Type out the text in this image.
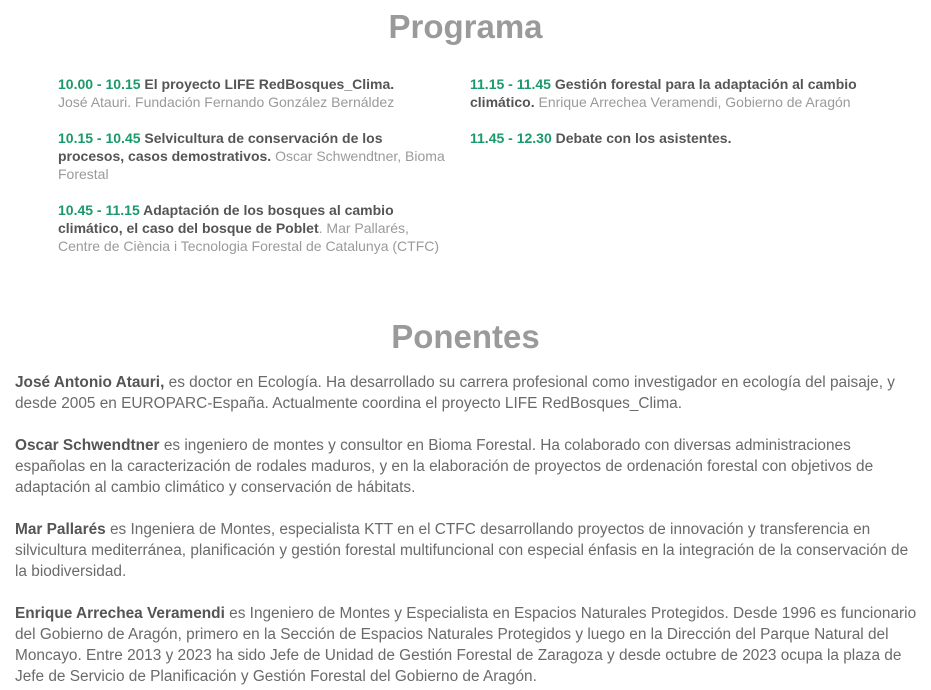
Programa

10.00 - 10.15 El proyecto LIFE RedBosques_Clima.
José Atauri. Fundación Fernando González Bernáldez

10.15 - 10.45 Selvicultura de conservación de los procesos, casos demostrativos. Oscar Schwendtner, Bioma Forestal

10.45 - 11.15 Adaptación de los bosques al cambio climático, el caso del bosque de Poblet. Mar Pallarés, Centre de Ciència i Tecnologia Forestal de Catalunya (CTFC)

11.15 - 11.45 Gestión forestal para la adaptación al cambio climático. Enrique Arrechea Veramendi, Gobierno de Aragón

11.45 - 12.30 Debate con los asistentes.

Ponentes

José Antonio Atauri, es doctor en Ecología. Ha desarrollado su carrera profesional como investigador en ecología del paisaje, y desde 2005 en EUROPARC-España. Actualmente coordina el proyecto LIFE RedBosques_Clima.

Oscar Schwendtner es ingeniero de montes y consultor en Bioma Forestal. Ha colaborado con diversas administraciones españolas en la caracterización de rodales maduros, y en la elaboración de proyectos de ordenación forestal con objetivos de adaptación al cambio climático y conservación de hábitats.

Mar Pallarés es Ingeniera de Montes, especialista KTT en el CTFC desarrollando proyectos de innovación y transferencia en silvicultura mediterránea, planificación y gestión forestal multifuncional con especial énfasis en la integración de la conservación de la biodiversidad.

Enrique Arrechea Veramendi es Ingeniero de Montes y Especialista en Espacios Naturales Protegidos. Desde 1996 es funcionario del Gobierno de Aragón, primero en la Sección de Espacios Naturales Protegidos y luego en la Dirección del Parque Natural del Moncayo. Entre 2013 y 2023 ha sido Jefe de Unidad de Gestión Forestal de Zaragoza y desde octubre de 2023 ocupa la plaza de Jefe de Servicio de Planificación y Gestión Forestal del Gobierno de Aragón.
